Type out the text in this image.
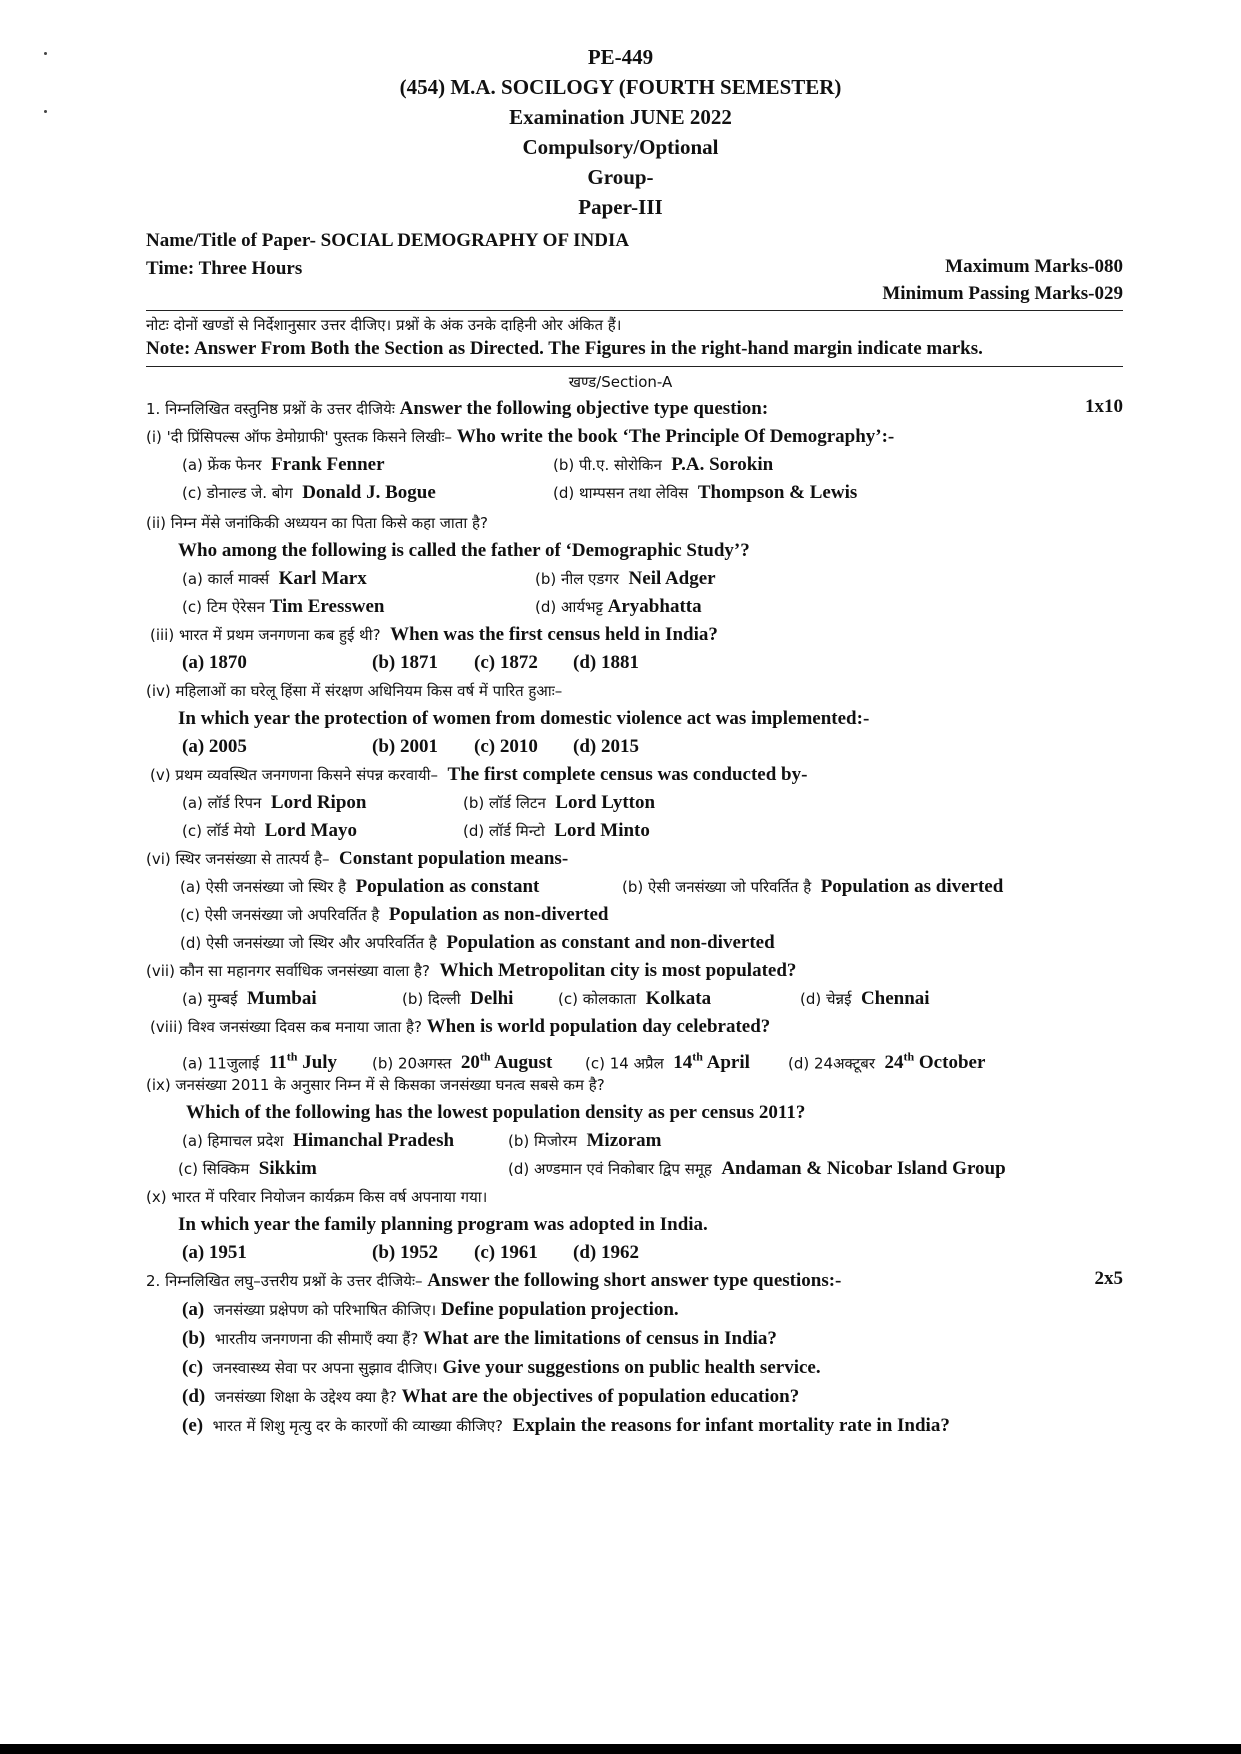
PE-449
(454) M.A. SOCILOGY (FOURTH SEMESTER)
Examination JUNE 2022
Compulsory/Optional
Group-
Paper-III
Name/Title of Paper- SOCIAL DEMOGRAPHY OF INDIA
Time: Three Hours	Maximum Marks-080
Minimum Passing Marks-029
नोटः दोनों खण्डों से निर्देशानुसार उत्तर दीजिए। प्रश्नों के अंक उनके दाहिनी ओर अंकित हैं।
Note: Answer From Both the Section as Directed. The Figures in the right-hand margin indicate marks.
खण्ड/Section-A
1. निम्नलिखित वस्तुनिष्ठ प्रश्नों के उत्तर दीजियेः Answer the following objective type question:	1x10
(i) 'दी प्रिंसिपल्स ऑफ डेमोग्राफी' पुस्तक किसने लिखीः– Who write the book ‘The Principle Of Demography’:-
(a) फ्रेंक फेनर Frank Fenner	(b) पी.ए. सोरोकिन P.A. Sorokin
(c) डोनाल्ड जे. बोग Donald J. Bogue	(d) थाम्पसन तथा लेविस Thompson & Lewis
(ii) निम्न मेंसे जनांकिकी अध्ययन का पिता किसे कहा जाता है?
Who among the following is called the father of ‘Demographic Study’?
(a) कार्ल मार्क्स Karl Marx	(b) नील एडगर Neil Adger
(c) टिम ऐरेसन Tim Eresswen	(d) आर्यभट्ट Aryabhatta
(iii) भारत में प्रथम जनगणना कब हुई थी? When was the first census held in India?
(a) 1870	(b) 1871 (c) 1872 (d) 1881
(iv) महिलाओं का घरेलू हिंसा में संरक्षण अधिनियम किस वर्ष में पारित हुआः–
In which year the protection of women from domestic violence act was implemented:-
(a) 2005	(b) 2001 (c) 2010 (d) 2015
(v) प्रथम व्यवस्थित जनगणना किसने संपन्न करवायी– The first complete census was conducted by-
(a) लॉर्ड रिपन Lord Ripon	(b) लॉर्ड लिटन Lord Lytton
(c) लॉर्ड मेयो Lord Mayo	(d) लॉर्ड मिन्टो Lord Minto
(vi) स्थिर जनसंख्या से तात्पर्य है– Constant population means-
(a) ऐसी जनसंख्या जो स्थिर है Population as constant	(b) ऐसी जनसंख्या जो परिवर्तित है Population as diverted
(c) ऐसी जनसंख्या जो अपरिवर्तित है Population as non-diverted
(d) ऐसी जनसंख्या जो स्थिर और अपरिवर्तित है Population as constant and non-diverted
(vii) कौन सा महानगर सर्वाधिक जनसंख्या वाला है? Which Metropolitan city is most populated?
(a) मुम्बई Mumbai	(b) दिल्ली Delhi	(c) कोलकाता Kolkata	(d) चेन्नई Chennai
(viii) विश्व जनसंख्या दिवस कब मनाया जाता है? When is world population day celebrated?
(a) 11जुलाई 11th July (b) 20अगस्त 20th August (c) 14 अप्रैल 14th April	(d) 24अक्टूबर 24th October
(ix) जनसंख्या 2011 के अनुसार निम्न में से किसका जनसंख्या घनत्व सबसे कम है?
Which of the following has the lowest population density as per census 2011?
(a) हिमाचल प्रदेश Himanchal Pradesh	(b) मिजोरम Mizoram
(c) सिक्किम Sikkim	(d) अण्डमान एवं निकोबार द्विप समूह Andaman & Nicobar Island Group
(x) भारत में परिवार नियोजन कार्यक्रम किस वर्ष अपनाया गया।
In which year the family planning program was adopted in India.
(a) 1951	(b) 1952 (c) 1961 (d) 1962
2. निम्नलिखित लघु–उत्तरीय प्रश्नों के उत्तर दीजियेः– Answer the following short answer type questions:-	2x5
(a) जनसंख्या प्रक्षेपण को परिभाषित कीजिए। Define population projection.
(b) भारतीय जनगणना की सीमाएँ क्या हैं? What are the limitations of census in India?
(c) जनस्वास्थ्य सेवा पर अपना सुझाव दीजिए। Give your suggestions on public health service.
(d) जनसंख्या शिक्षा के उद्देश्य क्या है? What are the objectives of population education?
(e) भारत में शिशु मृत्यु दर के कारणों की व्याख्या कीजिए? Explain the reasons for infant mortality rate in India?
